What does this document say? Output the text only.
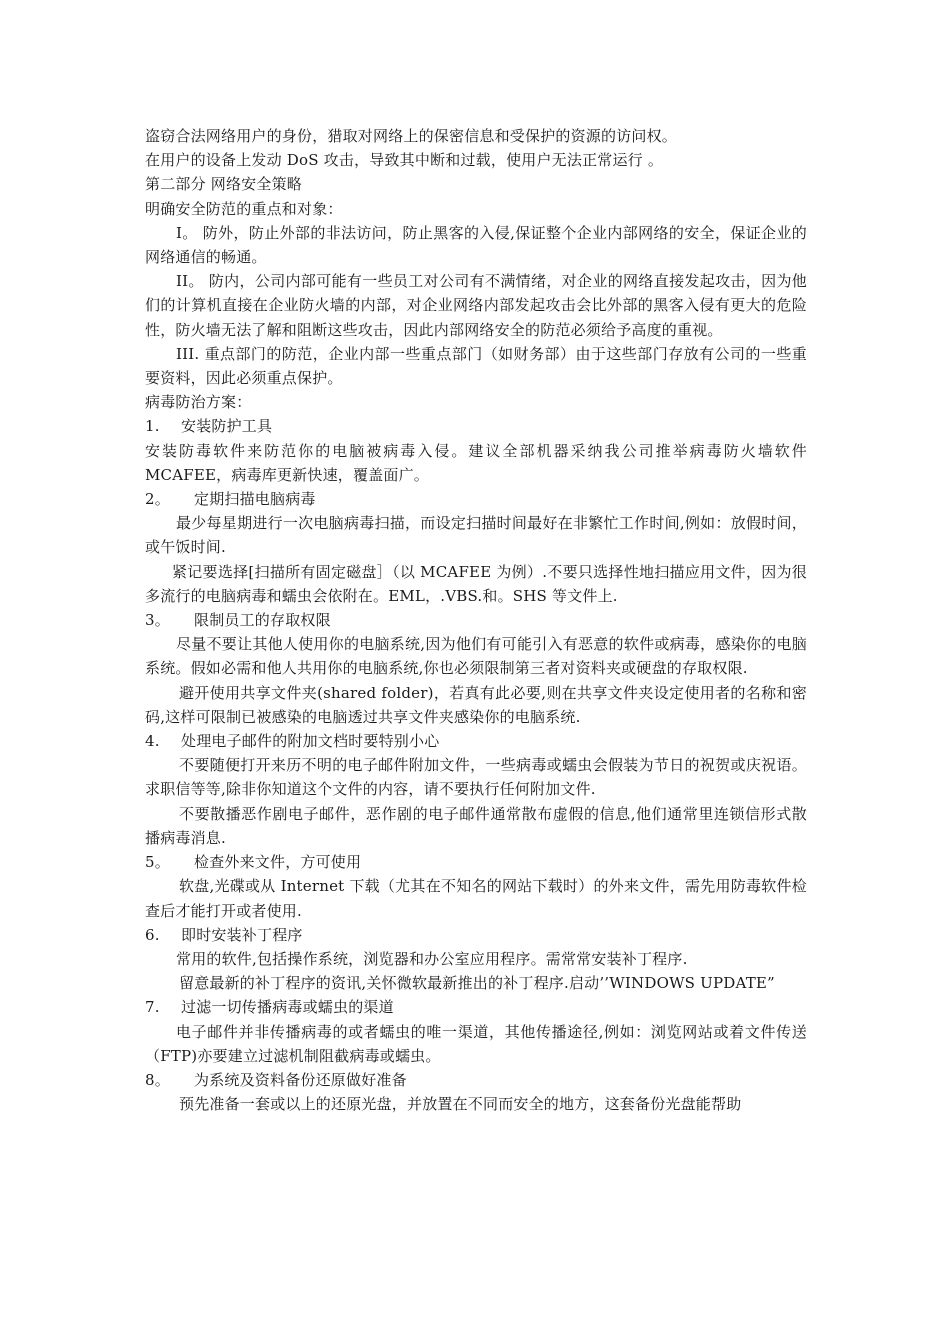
盗窃合法网络用户的身份，猎取对网络上的保密信息和受保护的资源的访问权。

在用户的设备上发动 DoS 攻击，导致其中断和过载，使用户无法正常运行 。

第二部分 网络安全策略

明确安全防范的重点和对象：

I。 防外，防止外部的非法访问，防止黑客的入侵,保证整个企业内部网络的安全，保证企业的网络通信的畅通。

II。 防内，公司内部可能有一些员工对公司有不满情绪，对企业的网络直接发起攻击，因为他们的计算机直接在企业防火墙的内部，对企业网络内部发起攻击会比外部的黑客入侵有更大的危险性，防火墙无法了解和阻断这些攻击，因此内部网络安全的防范必须给予高度的重视。

III. 重点部门的防范，企业内部一些重点部门（如财务部）由于这些部门存放有公司的一些重要资料，因此必须重点保护。

病毒防治方案：

1. 安装防护工具

安装防毒软件来防范你的电脑被病毒入侵。建议全部机器采纳我公司推举病毒防火墙软件 MCAFEE，病毒库更新快速，覆盖面广。

2。 定期扫描电脑病毒

最少每星期进行一次电脑病毒扫描，而设定扫描时间最好在非繁忙工作时间,例如：放假时间，或午饭时间.

紧记要选择[扫描所有固定磁盘］（以 MCAFEE 为例）.不要只选择性地扫描应用文件，因为很多流行的电脑病毒和蠕虫会依附在。EML，.VBS.和。SHS 等文件上.

3。 限制员工的存取权限

尽量不要让其他人使用你的电脑系统,因为他们有可能引入有恶意的软件或病毒，感染你的电脑系统。假如必需和他人共用你的电脑系统,你也必须限制第三者对资料夹或硬盘的存取权限.

避开使用共享文件夹(shared folder)，若真有此必要,则在共享文件夹设定使用者的名称和密码,这样可限制已被感染的电脑透过共享文件夹感染你的电脑系统.

4. 处理电子邮件的附加文档时要特别小心

不要随便打开来历不明的电子邮件附加文件，一些病毒或蠕虫会假装为节日的祝贺或庆祝语。求职信等等,除非你知道这个文件的内容，请不要执行任何附加文件.

不要散播恶作剧电子邮件，恶作剧的电子邮件通常散布虚假的信息,他们通常里连锁信形式散播病毒消息.

5。 检查外来文件，方可使用

软盘,光碟或从 Internet 下载（尤其在不知名的网站下载时）的外来文件，需先用防毒软件检查后才能打开或者使用.

6. 即时安装补丁程序

常用的软件,包括操作系统，浏览器和办公室应用程序。需常常安装补丁程序.

留意最新的补丁程序的资讯,关怀微软最新推出的补丁程序.启动’’WINDOWS UPDATE”

7. 过滤一切传播病毒或蠕虫的渠道

电子邮件并非传播病毒的或者蠕虫的唯一渠道，其他传播途径,例如：浏览网站或着文件传送（FTP)亦要建立过滤机制阻截病毒或蠕虫。

8。 为系统及资料备份还原做好准备

预先准备一套或以上的还原光盘，并放置在不同而安全的地方，这套备份光盘能帮助
